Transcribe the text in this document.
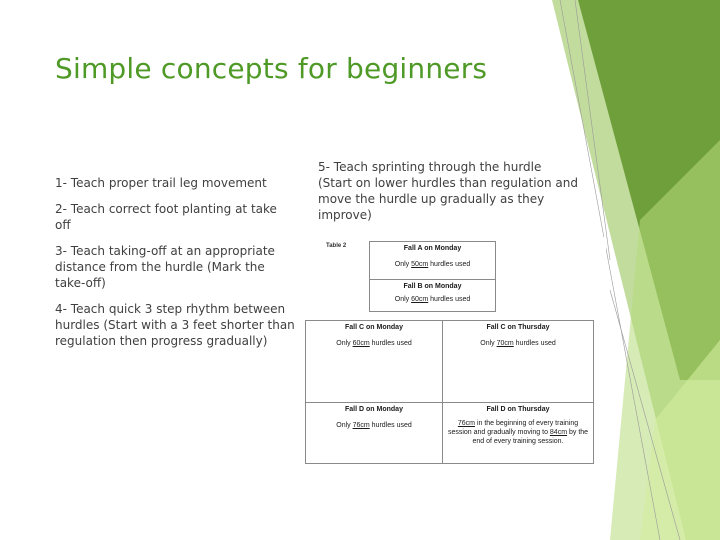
Simple concepts for beginners

1- Teach proper trail leg movement

2- Teach correct foot planting at take off

3- Teach taking-off at an appropriate distance from the hurdle (Mark the take-off)

4- Teach quick 3 step rhythm between hurdles (Start with a 3 feet shorter than regulation then progress gradually)

5- Teach sprinting through the hurdle (Start on lower hurdles than regulation and move the hurdle up gradually as they improve)

Table 2	Fall A on Monday
Only 50cm hurdles used
Fall B on Monday
Only 60cm hurdles used
Fall C on Monday
Only 60cm hurdles used
Fall C on Thursday
Only 70cm hurdles used
Fall D on Monday
Only 76cm hurdles used
Fall D on Thursday
76cm in the beginning of every training session and gradually moving to 84cm by the end of every training session.
